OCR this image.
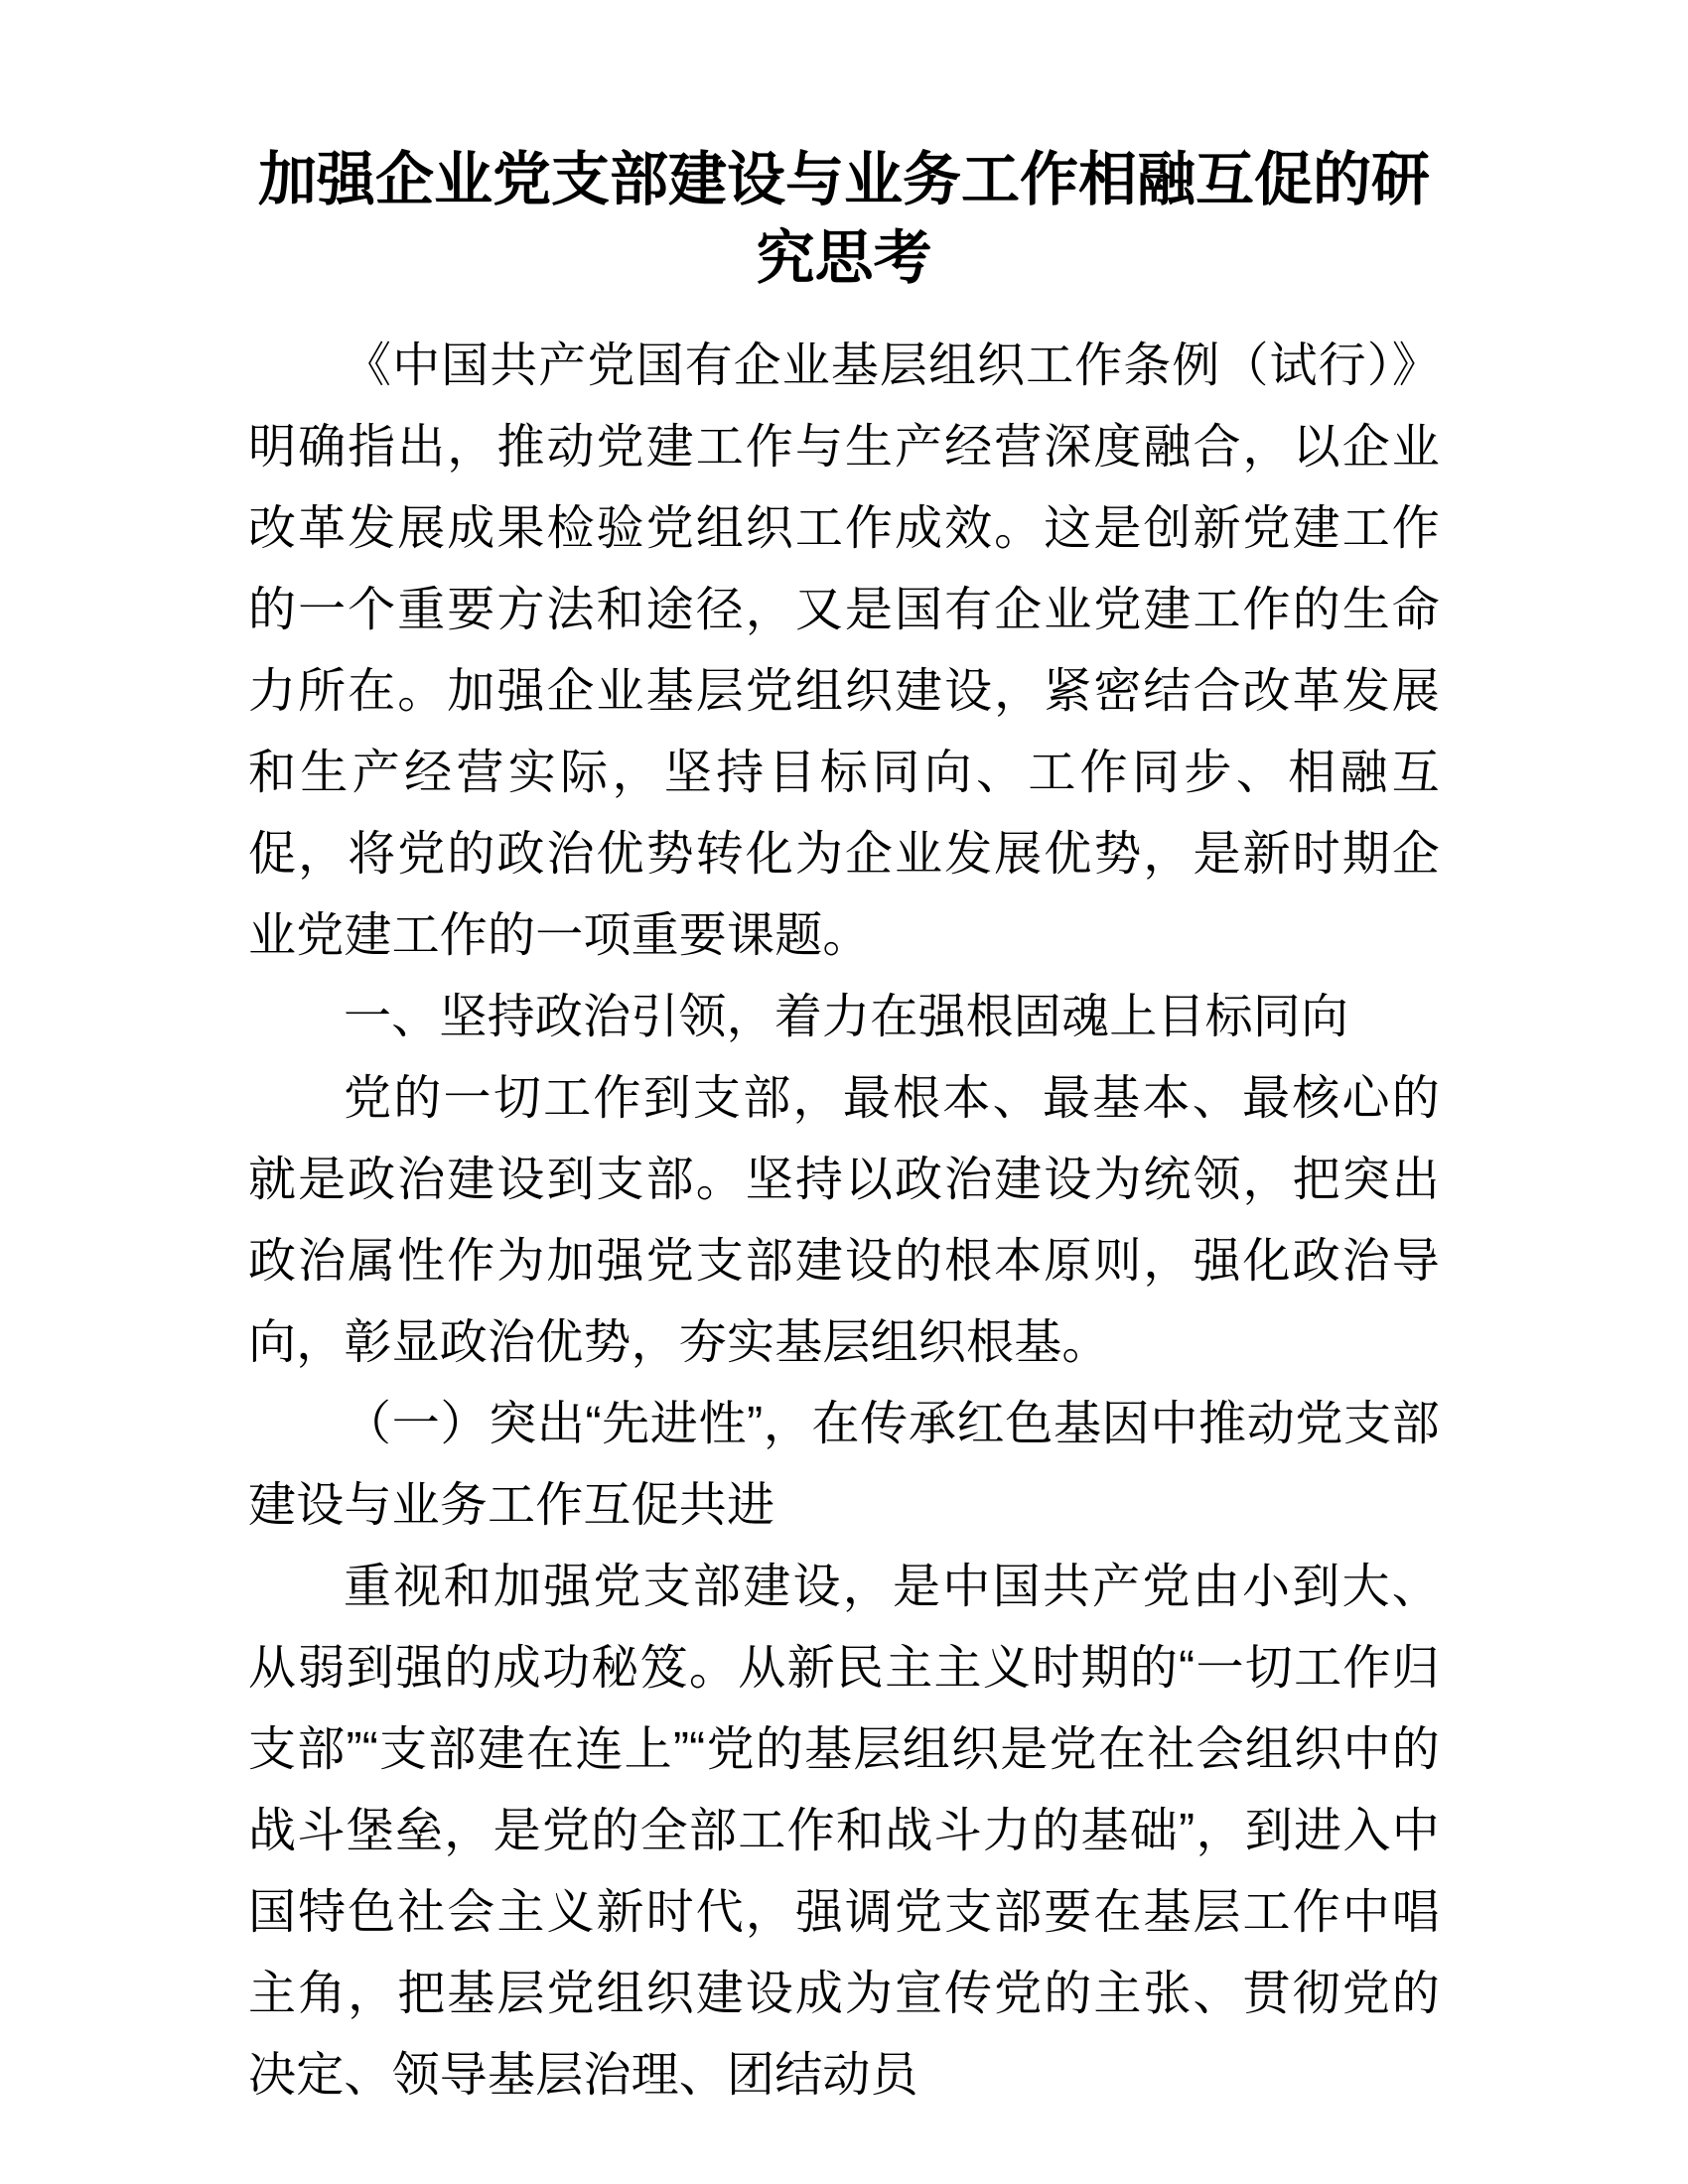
加强企业党支部建设与业务工作相融互促的研究思考

《中国共产党国有企业基层组织工作条例（试行）》明确指出，推动党建工作与生产经营深度融合，以企业改革发展成果检验党组织工作成效。这是创新党建工作的一个重要方法和途径，又是国有企业党建工作的生命力所在。加强企业基层党组织建设，紧密结合改革发展和生产经营实际，坚持目标同向、工作同步、相融互促，将党的政治优势转化为企业发展优势，是新时期企业党建工作的一项重要课题。

一、坚持政治引领，着力在强根固魂上目标同向

党的一切工作到支部，最根本、最基本、最核心的就是政治建设到支部。坚持以政治建设为统领，把突出政治属性作为加强党支部建设的根本原则，强化政治导向，彰显政治优势，夯实基层组织根基。

（一）突出“先进性”，在传承红色基因中推动党支部建设与业务工作互促共进

重视和加强党支部建设，是中国共产党由小到大、从弱到强的成功秘笈。从新民主主义时期的“一切工作归支部”“支部建在连上”“党的基层组织是党在社会组织中的战斗堡垒，是党的全部工作和战斗力的基础”，到进入中国特色社会主义新时代，强调党支部要在基层工作中唱主角，把基层党组织建设成为宣传党的主张、贯彻党的决定、领导基层治理、团结动员
